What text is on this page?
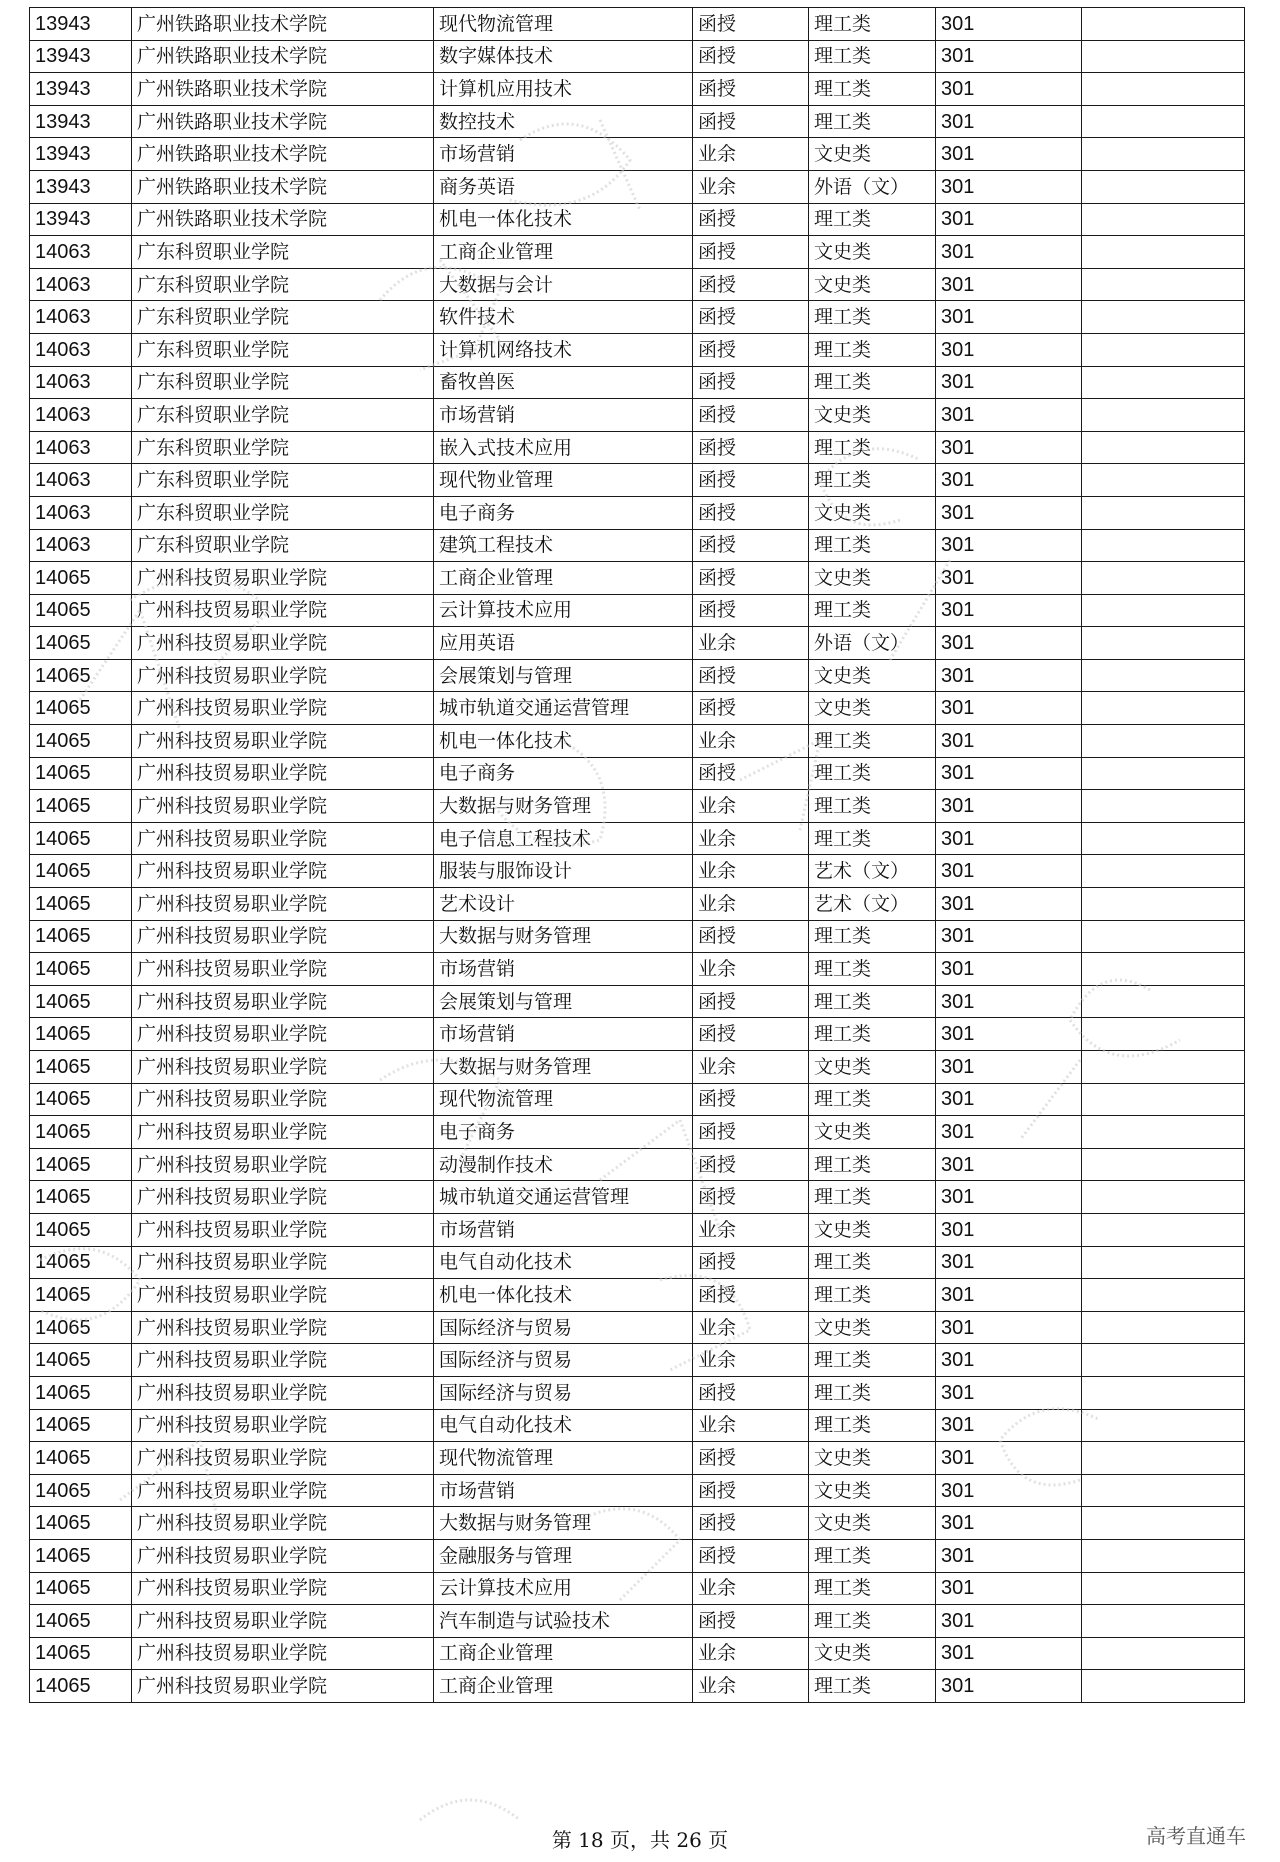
13943	广州铁路职业技术学院	现代物流管理	函授	理工类	301	
13943	广州铁路职业技术学院	数字媒体技术	函授	理工类	301	
13943	广州铁路职业技术学院	计算机应用技术	函授	理工类	301	
13943	广州铁路职业技术学院	数控技术	函授	理工类	301	
13943	广州铁路职业技术学院	市场营销	业余	文史类	301	
13943	广州铁路职业技术学院	商务英语	业余	外语（文）	301	
13943	广州铁路职业技术学院	机电一体化技术	函授	理工类	301	
14063	广东科贸职业学院	工商企业管理	函授	文史类	301	
14063	广东科贸职业学院	大数据与会计	函授	文史类	301	
14063	广东科贸职业学院	软件技术	函授	理工类	301	
14063	广东科贸职业学院	计算机网络技术	函授	理工类	301	
14063	广东科贸职业学院	畜牧兽医	函授	理工类	301	
14063	广东科贸职业学院	市场营销	函授	文史类	301	
14063	广东科贸职业学院	嵌入式技术应用	函授	理工类	301	
14063	广东科贸职业学院	现代物业管理	函授	理工类	301	
14063	广东科贸职业学院	电子商务	函授	文史类	301	
14063	广东科贸职业学院	建筑工程技术	函授	理工类	301	
14065	广州科技贸易职业学院	工商企业管理	函授	文史类	301	
14065	广州科技贸易职业学院	云计算技术应用	函授	理工类	301	
14065	广州科技贸易职业学院	应用英语	业余	外语（文）	301	
14065	广州科技贸易职业学院	会展策划与管理	函授	文史类	301	
14065	广州科技贸易职业学院	城市轨道交通运营管理	函授	文史类	301	
14065	广州科技贸易职业学院	机电一体化技术	业余	理工类	301	
14065	广州科技贸易职业学院	电子商务	函授	理工类	301	
14065	广州科技贸易职业学院	大数据与财务管理	业余	理工类	301	
14065	广州科技贸易职业学院	电子信息工程技术	业余	理工类	301	
14065	广州科技贸易职业学院	服装与服饰设计	业余	艺术（文）	301	
14065	广州科技贸易职业学院	艺术设计	业余	艺术（文）	301	
14065	广州科技贸易职业学院	大数据与财务管理	函授	理工类	301	
14065	广州科技贸易职业学院	市场营销	业余	理工类	301	
14065	广州科技贸易职业学院	会展策划与管理	函授	理工类	301	
14065	广州科技贸易职业学院	市场营销	函授	理工类	301	
14065	广州科技贸易职业学院	大数据与财务管理	业余	文史类	301	
14065	广州科技贸易职业学院	现代物流管理	函授	理工类	301	
14065	广州科技贸易职业学院	电子商务	函授	文史类	301	
14065	广州科技贸易职业学院	动漫制作技术	函授	理工类	301	
14065	广州科技贸易职业学院	城市轨道交通运营管理	函授	理工类	301	
14065	广州科技贸易职业学院	市场营销	业余	文史类	301	
14065	广州科技贸易职业学院	电气自动化技术	函授	理工类	301	
14065	广州科技贸易职业学院	机电一体化技术	函授	理工类	301	
14065	广州科技贸易职业学院	国际经济与贸易	业余	文史类	301	
14065	广州科技贸易职业学院	国际经济与贸易	业余	理工类	301	
14065	广州科技贸易职业学院	国际经济与贸易	函授	理工类	301	
14065	广州科技贸易职业学院	电气自动化技术	业余	理工类	301	
14065	广州科技贸易职业学院	现代物流管理	函授	文史类	301	
14065	广州科技贸易职业学院	市场营销	函授	文史类	301	
14065	广州科技贸易职业学院	大数据与财务管理	函授	文史类	301	
14065	广州科技贸易职业学院	金融服务与管理	函授	理工类	301	
14065	广州科技贸易职业学院	云计算技术应用	业余	理工类	301	
14065	广州科技贸易职业学院	汽车制造与试验技术	函授	理工类	301	
14065	广州科技贸易职业学院	工商企业管理	业余	文史类	301	
14065	广州科技贸易职业学院	工商企业管理	业余	理工类	301	
第 18 页，共 26 页	高考直通车
